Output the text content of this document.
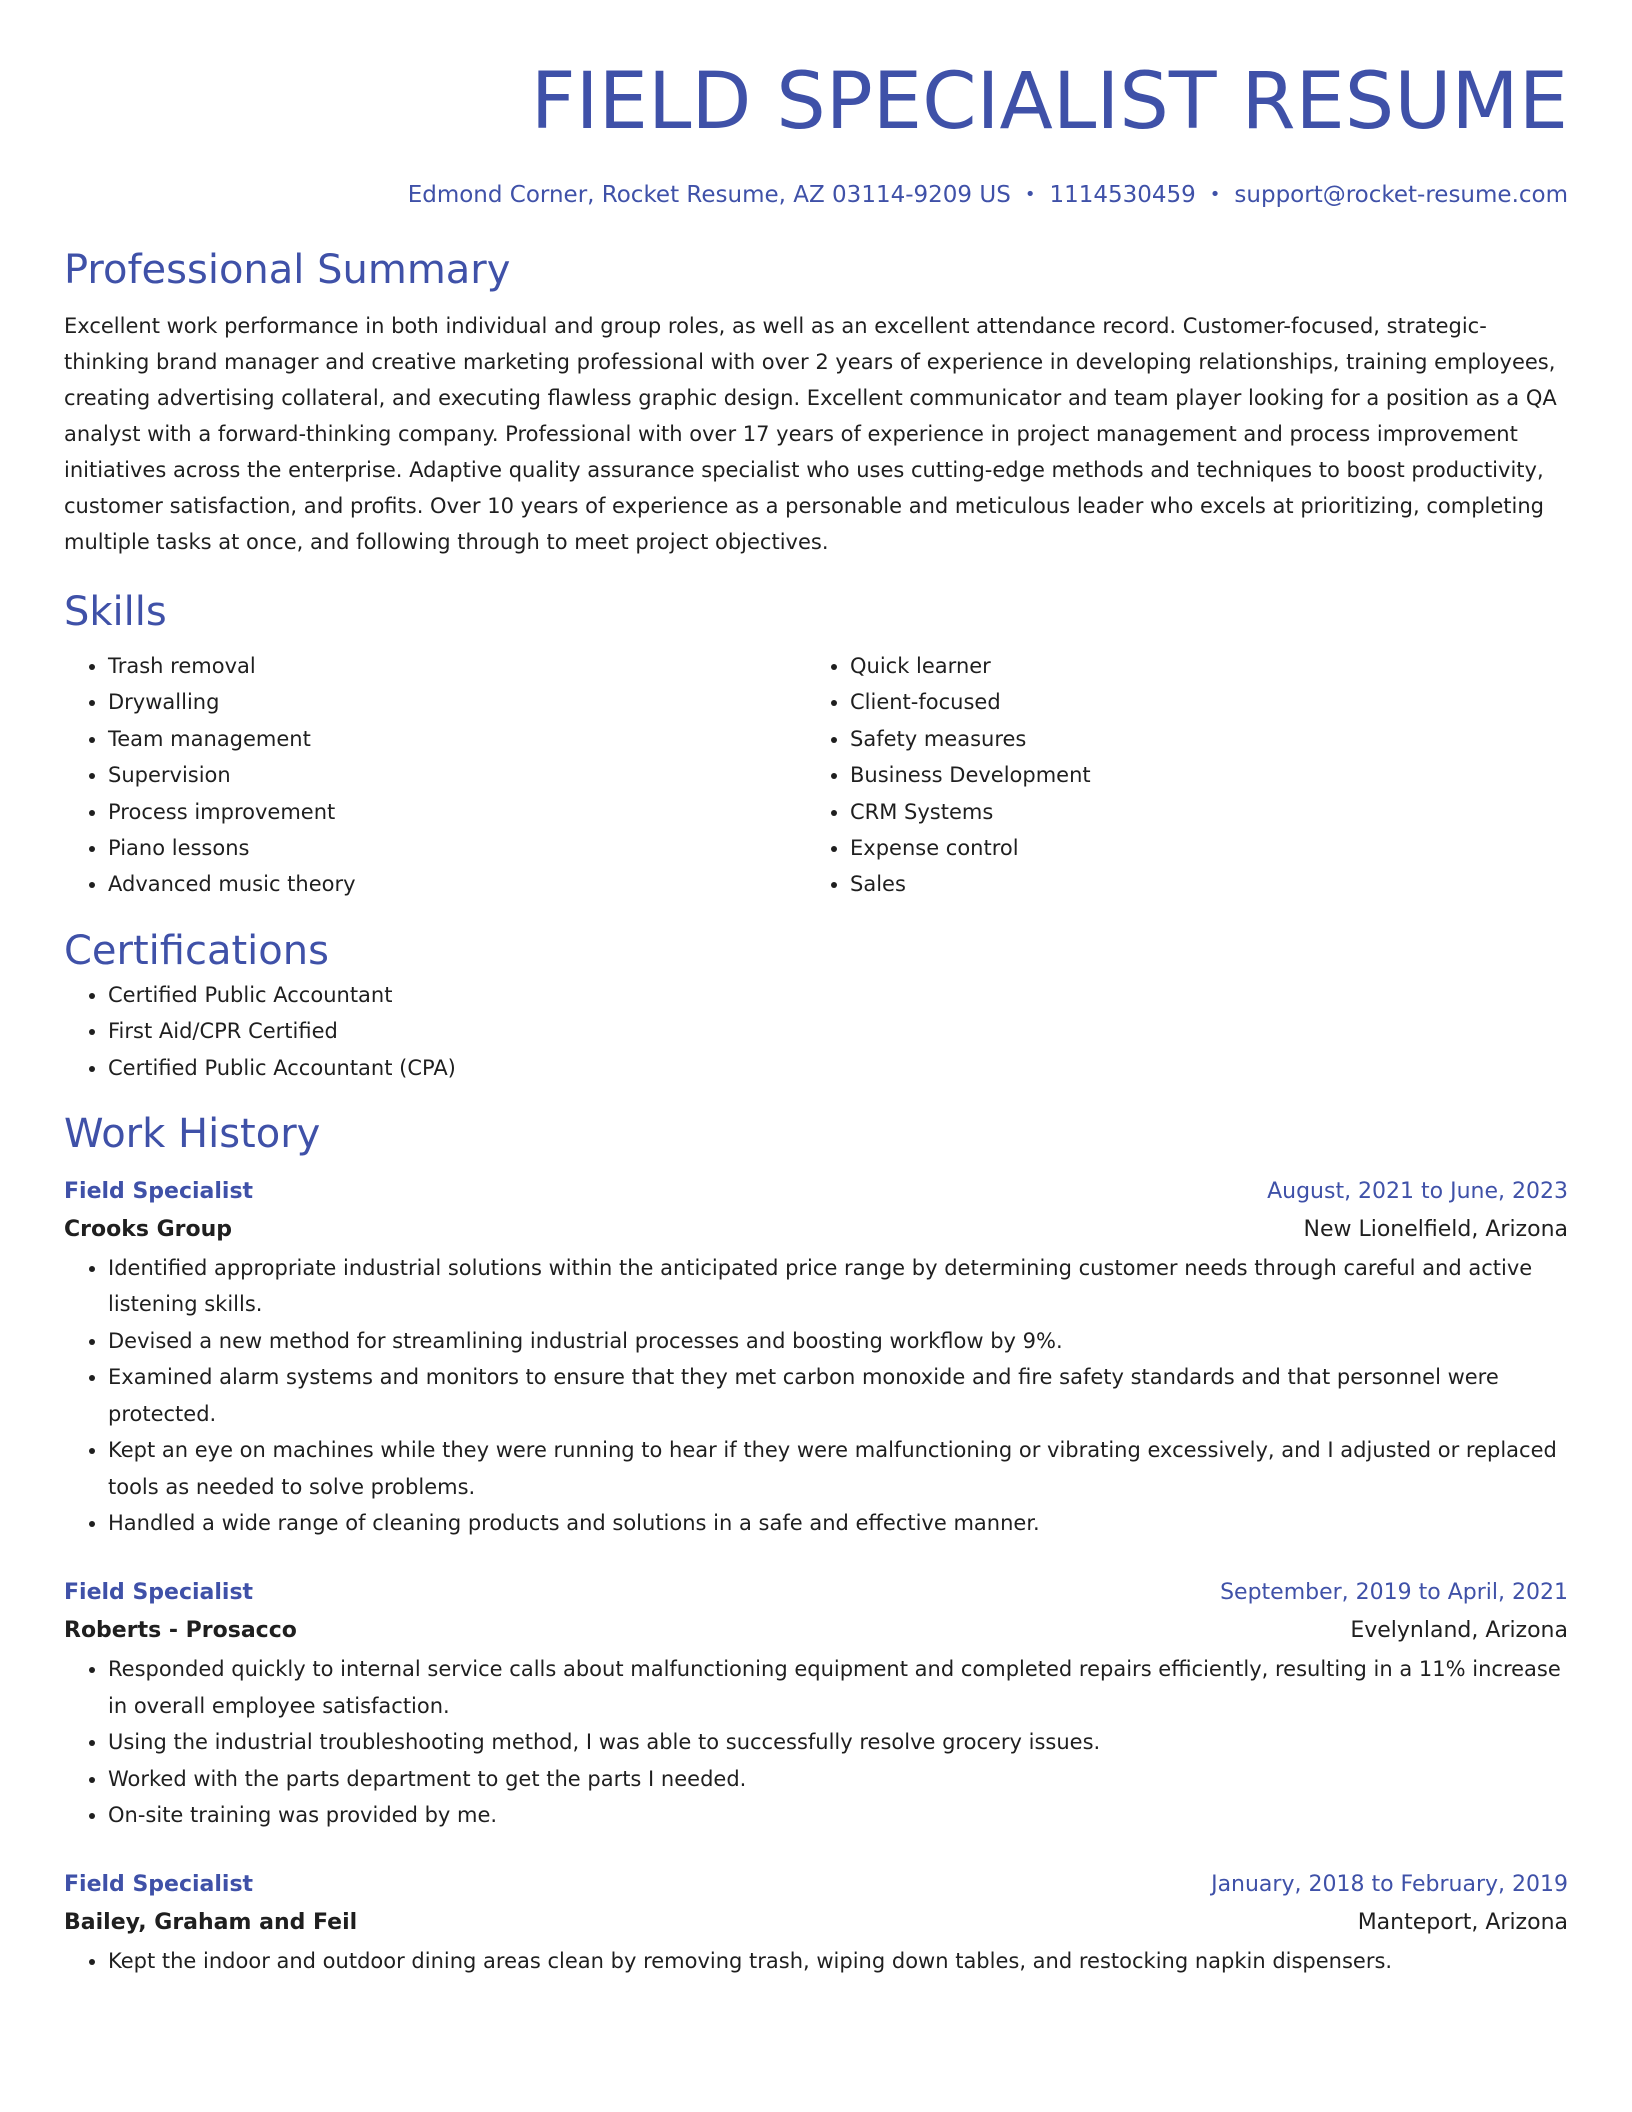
FIELD SPECIALIST RESUME
Edmond Corner, Rocket Resume, AZ 03114-9209 US • 1114530459 • support@rocket-resume.com
Professional Summary

Excellent work performance in both individual and group roles, as well as an excellent attendance record. Customer-focused, strategic-thinking brand manager and creative marketing professional with over 2 years of experience in developing relationships, training employees, creating advertising collateral, and executing flawless graphic design. Excellent communicator and team player looking for a position as a QA analyst with a forward-thinking company. Professional with over 17 years of experience in project management and process improvement initiatives across the enterprise. Adaptive quality assurance specialist who uses cutting-edge methods and techniques to boost productivity, customer satisfaction, and profits. Over 10 years of experience as a personable and meticulous leader who excels at prioritizing, completing multiple tasks at once, and following through to meet project objectives.

Skills
• Trash removal
• Drywalling
• Team management
• Supervision
• Process improvement
• Piano lessons
• Advanced music theory
• Quick learner
• Client-focused
• Safety measures
• Business Development
• CRM Systems
• Expense control
• Sales
Certifications
• Certified Public Accountant
• First Aid/CPR Certified
• Certified Public Accountant (CPA)
Work History
Field Specialist	August, 2021 to June, 2023
Crooks Group	New Lionelfield, Arizona
• Identified appropriate industrial solutions within the anticipated price range by determining customer needs through careful and active listening skills.
• Devised a new method for streamlining industrial processes and boosting workflow by 9%.
• Examined alarm systems and monitors to ensure that they met carbon monoxide and fire safety standards and that personnel were protected.
• Kept an eye on machines while they were running to hear if they were malfunctioning or vibrating excessively, and I adjusted or replaced tools as needed to solve problems.
• Handled a wide range of cleaning products and solutions in a safe and effective manner.
Field Specialist	September, 2019 to April, 2021
Roberts - Prosacco	Evelynland, Arizona
• Responded quickly to internal service calls about malfunctioning equipment and completed repairs efficiently, resulting in a 11% increase in overall employee satisfaction.
• Using the industrial troubleshooting method, I was able to successfully resolve grocery issues.
• Worked with the parts department to get the parts I needed.
• On-site training was provided by me.
Field Specialist	January, 2018 to February, 2019
Bailey, Graham and Feil	Manteport, Arizona
• Kept the indoor and outdoor dining areas clean by removing trash, wiping down tables, and restocking napkin dispensers.
